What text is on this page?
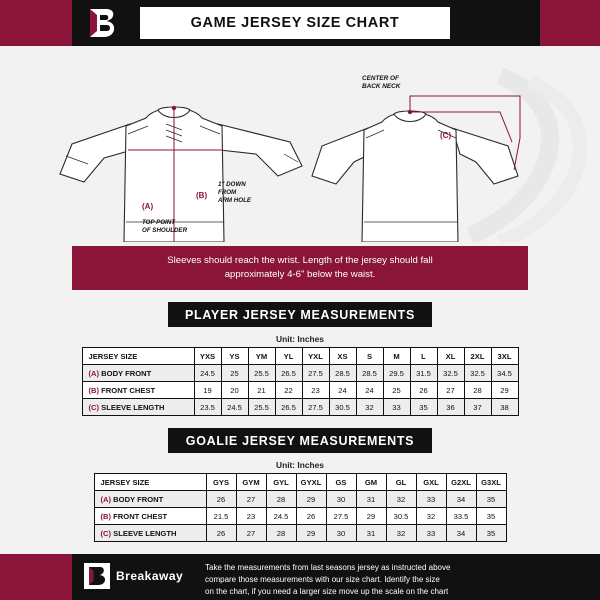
GAME JERSEY SIZE CHART
(A)
TOP POINT
OF SHOULDER
(B)
1" DOWN
FROM
ARM HOLE
(C)
CENTER OF
BACK NECK
Sleeves should reach the wrist. Length of the jersey should fall
approximately 4-6" below the waist.
PLAYER JERSEY MEASUREMENTS
Unit: Inches
JERSEY SIZE	YXS	YS	YM	YL	YXL	XS	S	M	L	XL	2XL	3XL
(A) BODY FRONT	24.5	25	25.5	26.5	27.5	28.5	28.5	29.5	31.5	32.5	32.5	34.5
(B) FRONT CHEST	19	20	21	22	23	24	24	25	26	27	28	29
(C) SLEEVE LENGTH	23.5	24.5	25.5	26.5	27.5	30.5	32	33	35	36	37	38
GOALIE JERSEY MEASUREMENTS
Unit: Inches
JERSEY SIZE	GYS	GYM	GYL	GYXL	GS	GM	GL	GXL	G2XL	G3XL
(A) BODY FRONT	26	27	28	29	30	31	32	33	34	35
(B) FRONT CHEST	21.5	23	24.5	26	27.5	29	30.5	32	33.5	35
(C) SLEEVE LENGTH	26	27	28	29	30	31	32	33	34	35
Breakaway
Take the measurements from last seasons jersey as instructed above
compare those measurements with our size chart. Identify the size
on the chart, if you need a larger size move up the scale on the chart
